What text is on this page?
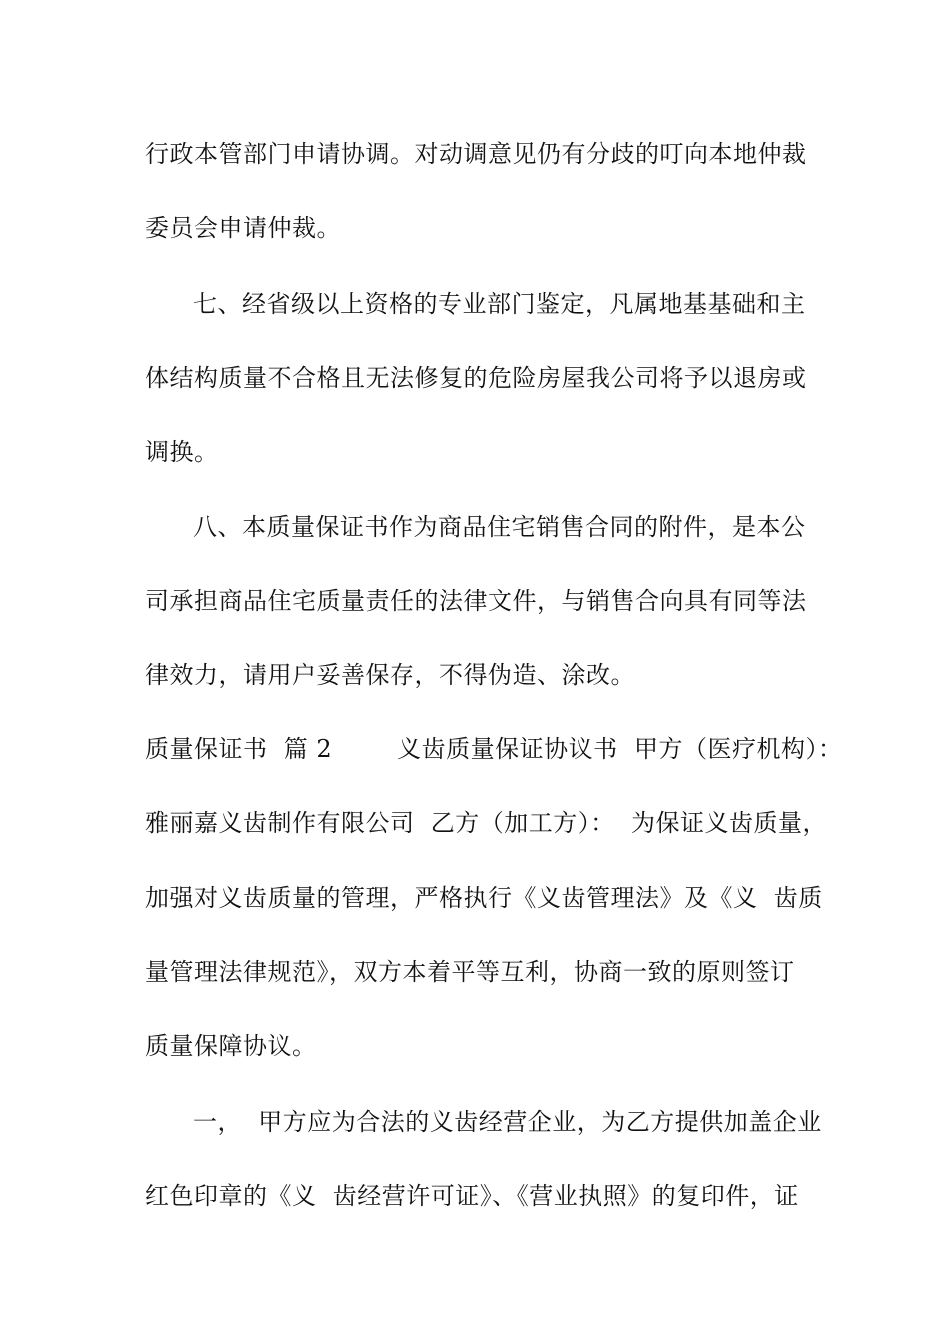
行政本管部门申请协调。对动调意见仍有分歧的叮向本地仲裁
委员会申请仲裁。
七、经省级以上资格的专业部门鉴定，凡属地基基础和主
体结构质量不合格且无法修复的危险房屋我公司将予以退房或
调换。
八、本质量保证书作为商品住宅销售合同的附件，是本公
司承担商品住宅质量责任的法律文件，与销售合向具有同等法
律效力，请用户妥善保存，不得伪造、涂改。
质量保证书  篇 2        义齿质量保证协议书  甲方（医疗机构）：
雅丽嘉义齿制作有限公司  乙方（加工方）：  为保证义齿质量，
加强对义齿质量的管理，严格执行《义齿管理法》及《义  齿质
量管理法律规范》，双方本着平等互利，协商一致的原则签订
质量保障协议。
一，  甲方应为合法的义齿经营企业，为乙方提供加盖企业
红色印章的《义  齿经营许可证》、《营业执照》的复印件，证
